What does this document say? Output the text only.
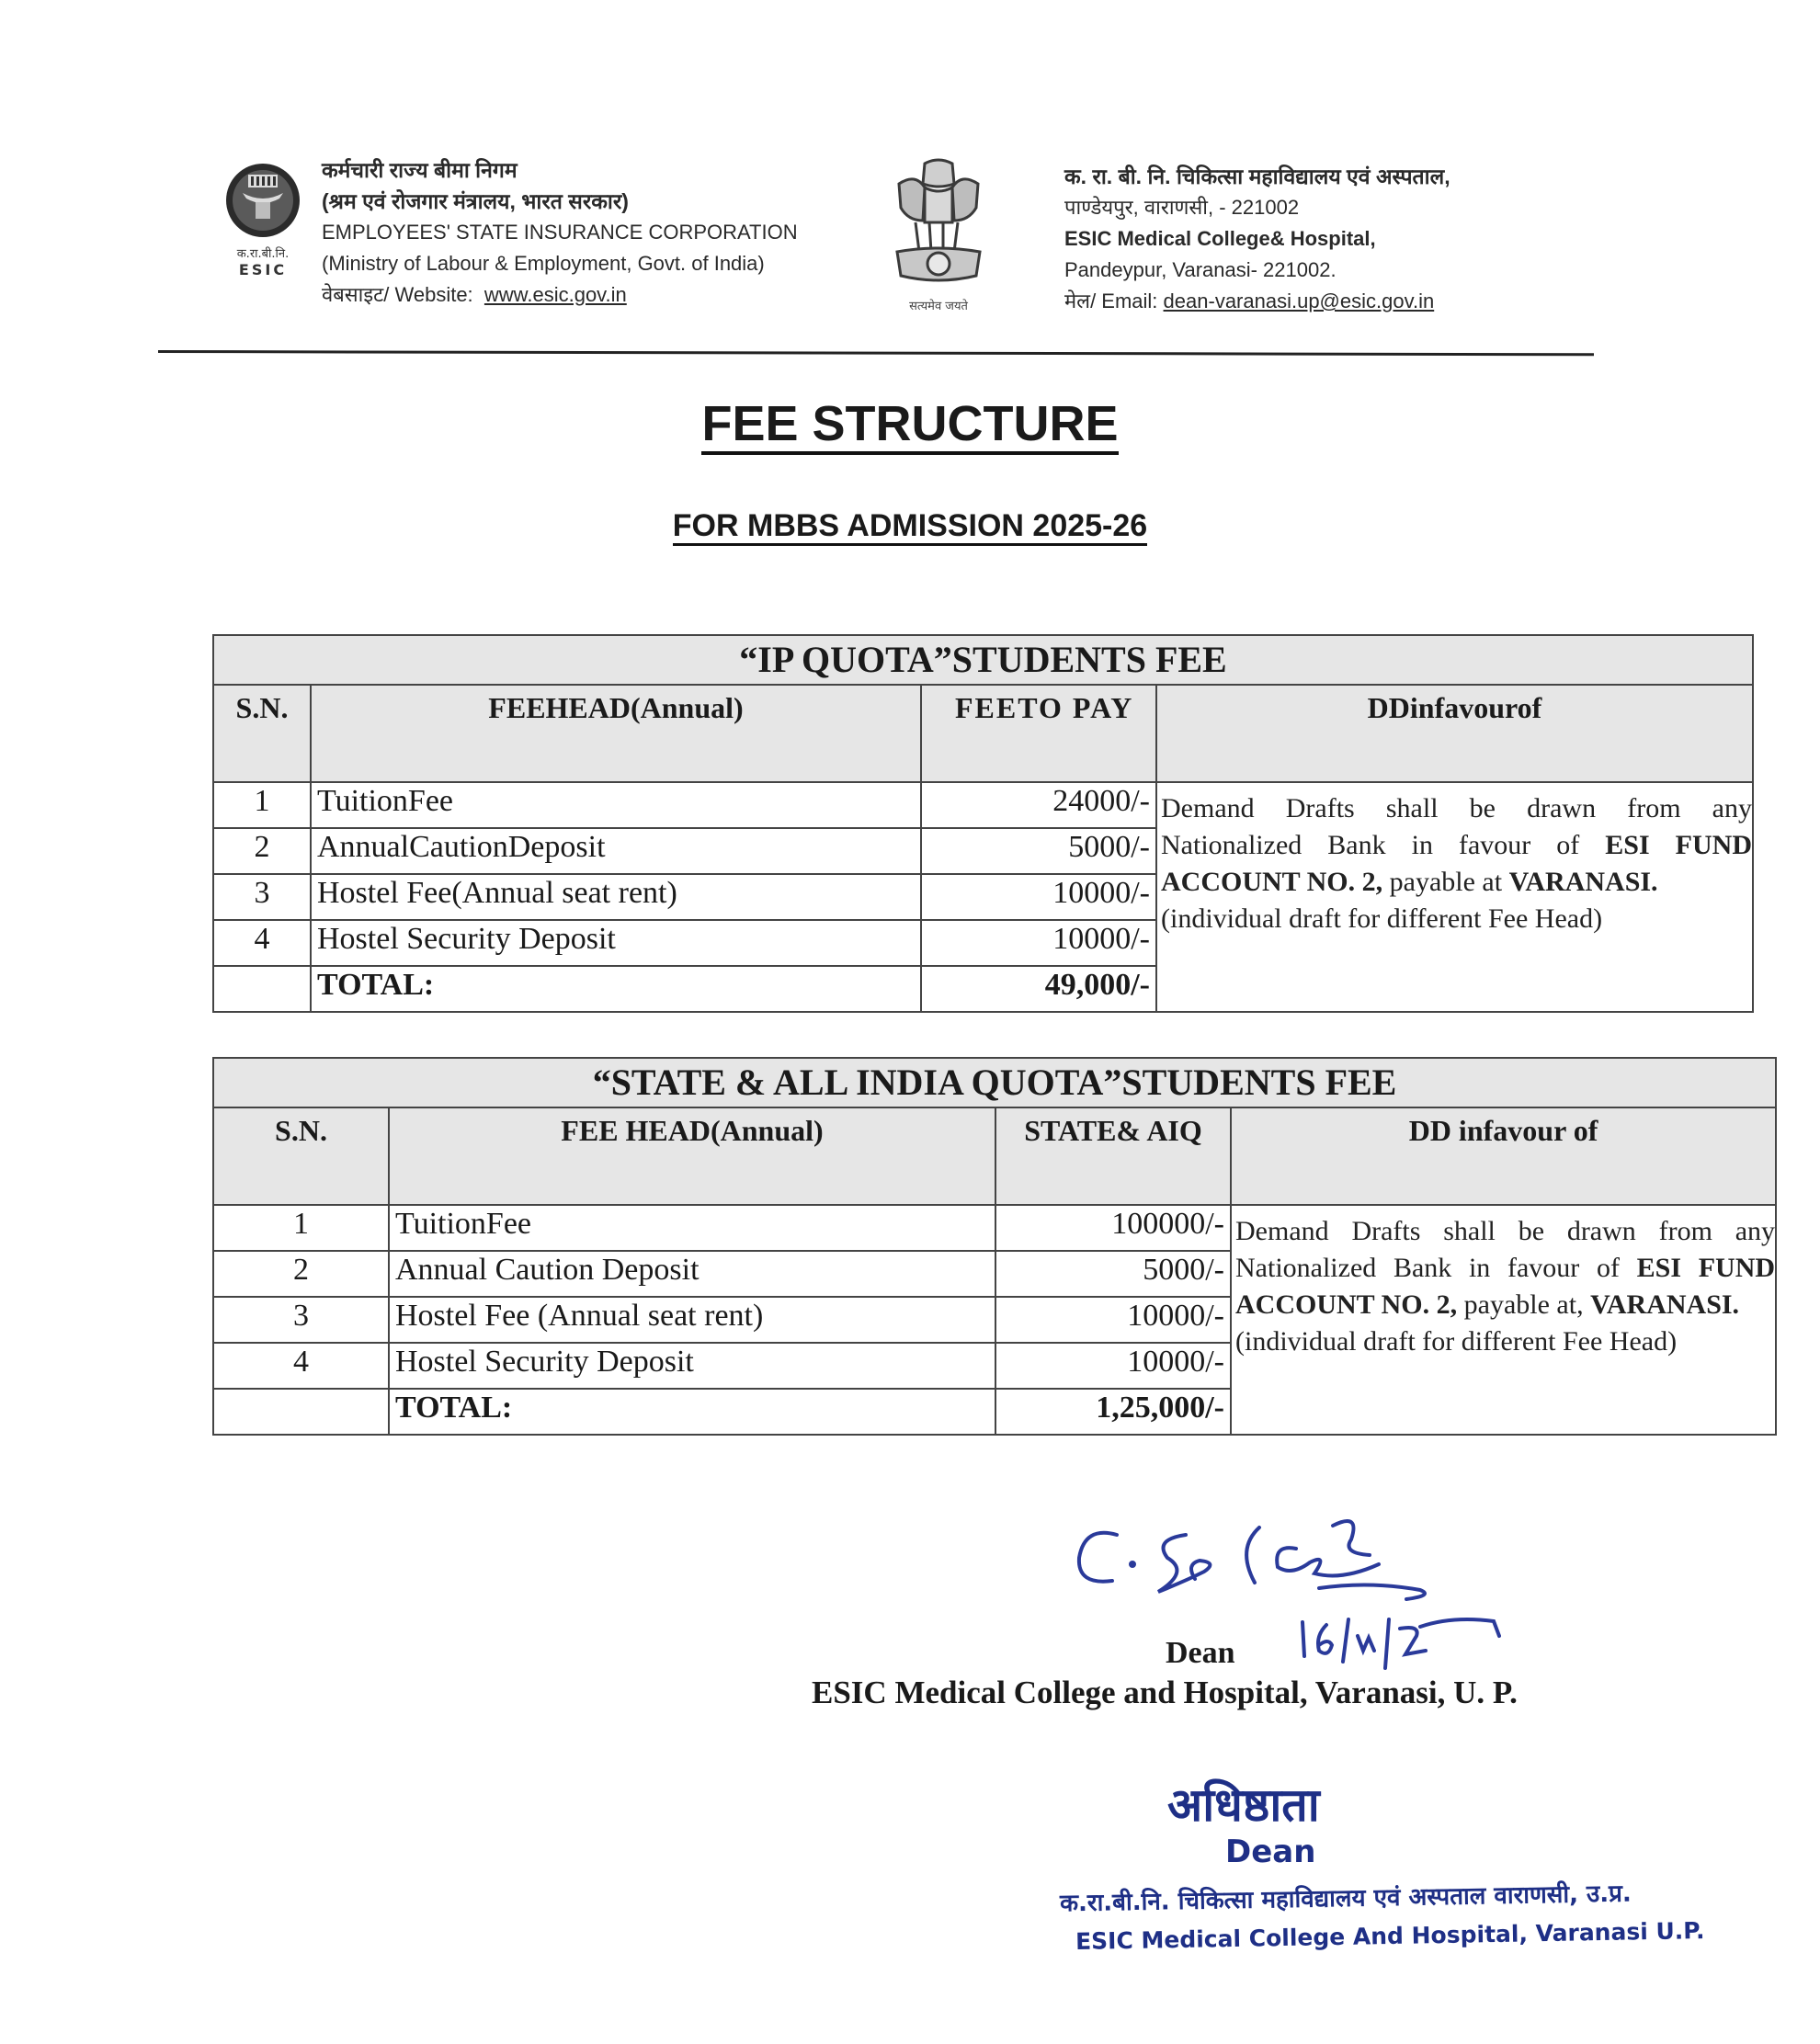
क.रा.बी.नि.
ESIC
कर्मचारी राज्य बीमा निगम
(श्रम एवं रोजगार मंत्रालय, भारत सरकार)
EMPLOYEES' STATE INSURANCE CORPORATION
(Ministry of Labour & Employment, Govt. of India)
वेबसाइट/ Website: www.esic.gov.in
सत्यमेव जयते
क. रा. बी. नि. चिकित्सा महाविद्यालय एवं अस्पताल,
पाण्डेयपुर, वाराणसी, - 221002
ESIC Medical College& Hospital,
Pandeypur, Varanasi- 221002.
मेल/ Email: dean-varanasi.up@esic.gov.in
FEE STRUCTURE
FOR MBBS ADMISSION 2025-26
“IP QUOTA”STUDENTS FEE			
S.N.	FEEHEAD(Annual)	FEETO PAY	DDinfavourof
1	TuitionFee	24000/-	Demand Drafts shall be drawn from any Nationalized Bank in favour of ESI FUND ACCOUNT NO. 2, payable at VARANASI.
(individual draft for different Fee Head)
2	AnnualCautionDeposit	5000/-	
3	Hostel Fee(Annual seat rent)	10000/-	
4	Hostel Security Deposit	10000/-	
	TOTAL:	49,000/-	
“STATE & ALL INDIA QUOTA”STUDENTS FEE			
S.N.	FEE HEAD(Annual)	STATE& AIQ	DD infavour of
1	TuitionFee	100000/-	Demand Drafts shall be drawn from any Nationalized Bank in favour of ESI FUND ACCOUNT NO. 2, payable at, VARANASI.
(individual draft for different Fee Head)
2	Annual Caution Deposit	5000/-	
3	Hostel Fee (Annual seat rent)	10000/-	
4	Hostel Security Deposit	10000/-	
	TOTAL:	1,25,000/-	
Dean
ESIC Medical College and Hospital, Varanasi, U. P.
अधिष्ठाता
Dean
क.रा.बी.नि. चिकित्सा महाविद्यालय एवं अस्पताल वाराणसी, उ.प्र.
ESIC Medical College And Hospital, Varanasi U.P.
